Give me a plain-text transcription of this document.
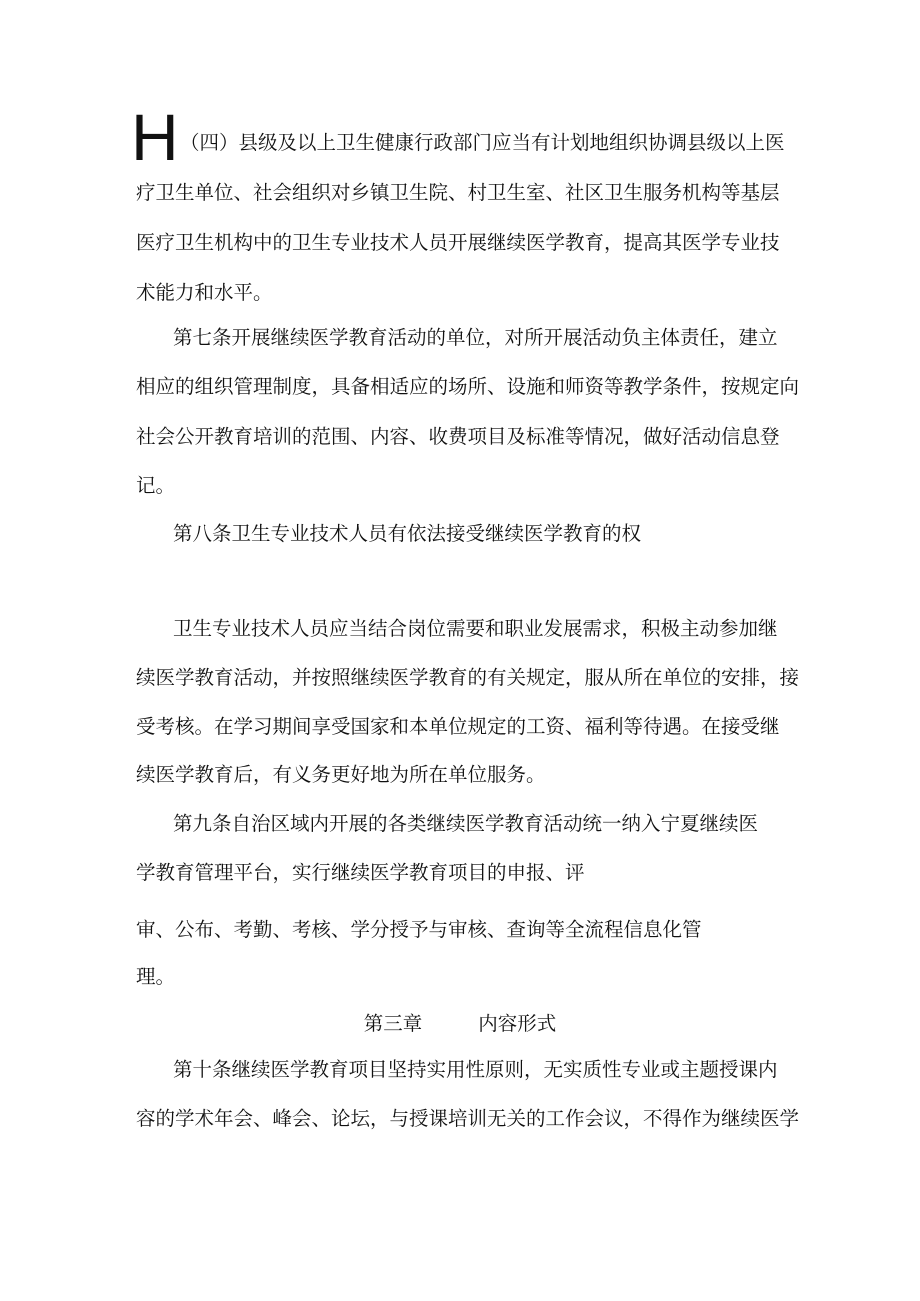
H （四）县级及以上卫生健康行政部门应当有计划地组织协调县级以上医
疗卫生单位、社会组织对乡镇卫生院、村卫生室、社区卫生服务机构等基层
医疗卫生机构中的卫生专业技术人员开展继续医学教育，提高其医学专业技
术能力和水平。
第七条开展继续医学教育活动的单位，对所开展活动负主体责任，建立
相应的组织管理制度，具备相适应的场所、设施和师资等教学条件，按规定向
社会公开教育培训的范围、内容、收费项目及标准等情况，做好活动信息登
记。
第八条卫生专业技术人员有依法接受继续医学教育的权
卫生专业技术人员应当结合岗位需要和职业发展需求，积极主动参加继
续医学教育活动，并按照继续医学教育的有关规定，服从所在单位的安排，接
受考核。在学习期间享受国家和本单位规定的工资、福利等待遇。在接受继
续医学教育后，有义务更好地为所在单位服务。
第九条自治区域内开展的各类继续医学教育活动统一纳入宁夏继续医
学教育管理平台，实行继续医学教育项目的申报、评
审、公布、考勤、考核、学分授予与审核、查询等全流程信息化管
理。
第三章	内容形式
第十条继续医学教育项目坚持实用性原则，无实质性专业或主题授课内
容的学术年会、峰会、论坛，与授课培训无关的工作会议，不得作为继续医学
